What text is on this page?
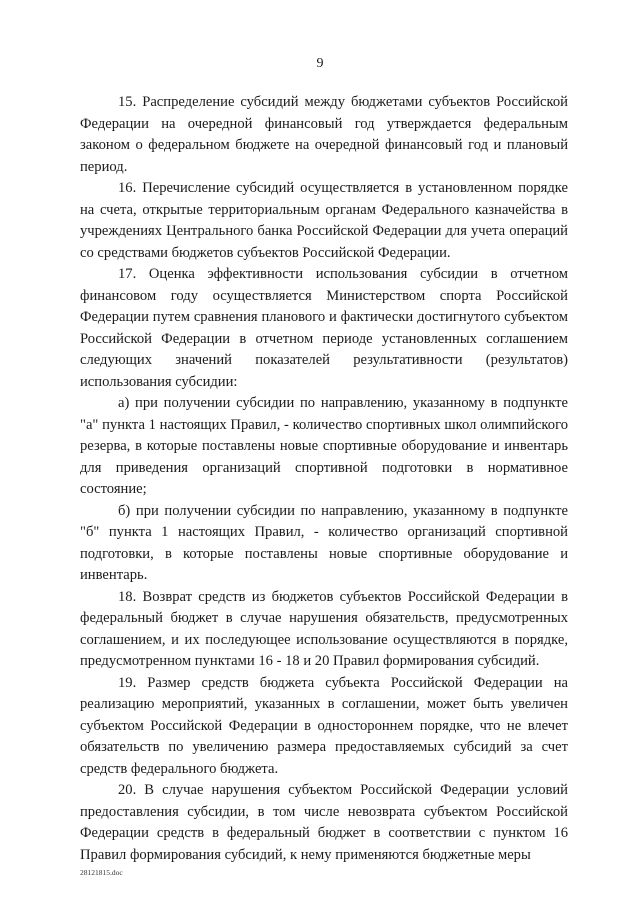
9

15. Распределение субсидий между бюджетами субъектов Российской Федерации на очередной финансовый год утверждается федеральным законом о федеральном бюджете на очередной финансовый год и плановый период.

16. Перечисление субсидий осуществляется в установленном порядке на счета, открытые территориальным органам Федерального казначейства в учреждениях Центрального банка Российской Федерации для учета операций со средствами бюджетов субъектов Российской Федерации.

17. Оценка эффективности использования субсидии в отчетном финансовом году осуществляется Министерством спорта Российской Федерации путем сравнения планового и фактически достигнутого субъектом Российской Федерации в отчетном периоде установленных соглашением следующих значений показателей результативности (результатов) использования субсидии:

а) при получении субсидии по направлению, указанному в подпункте "а" пункта 1 настоящих Правил, - количество спортивных школ олимпийского резерва, в которые поставлены новые спортивные оборудование и инвентарь для приведения организаций спортивной подготовки в нормативное состояние;

б) при получении субсидии по направлению, указанному в подпункте "б" пункта 1 настоящих Правил, - количество организаций спортивной подготовки, в которые поставлены новые спортивные оборудование и инвентарь.

18. Возврат средств из бюджетов субъектов Российской Федерации в федеральный бюджет в случае нарушения обязательств, предусмотренных соглашением, и их последующее использование осуществляются в порядке, предусмотренном пунктами 16 - 18 и 20 Правил формирования субсидий.

19. Размер средств бюджета субъекта Российской Федерации на реализацию мероприятий, указанных в соглашении, может быть увеличен субъектом Российской Федерации в одностороннем порядке, что не влечет обязательств по увеличению размера предоставляемых субсидий за счет средств федерального бюджета.

20. В случае нарушения субъектом Российской Федерации условий предоставления субсидии, в том числе невозврата субъектом Российской Федерации средств в федеральный бюджет в соответствии с пунктом 16 Правил формирования субсидий, к нему применяются бюджетные меры

28121815.doc
